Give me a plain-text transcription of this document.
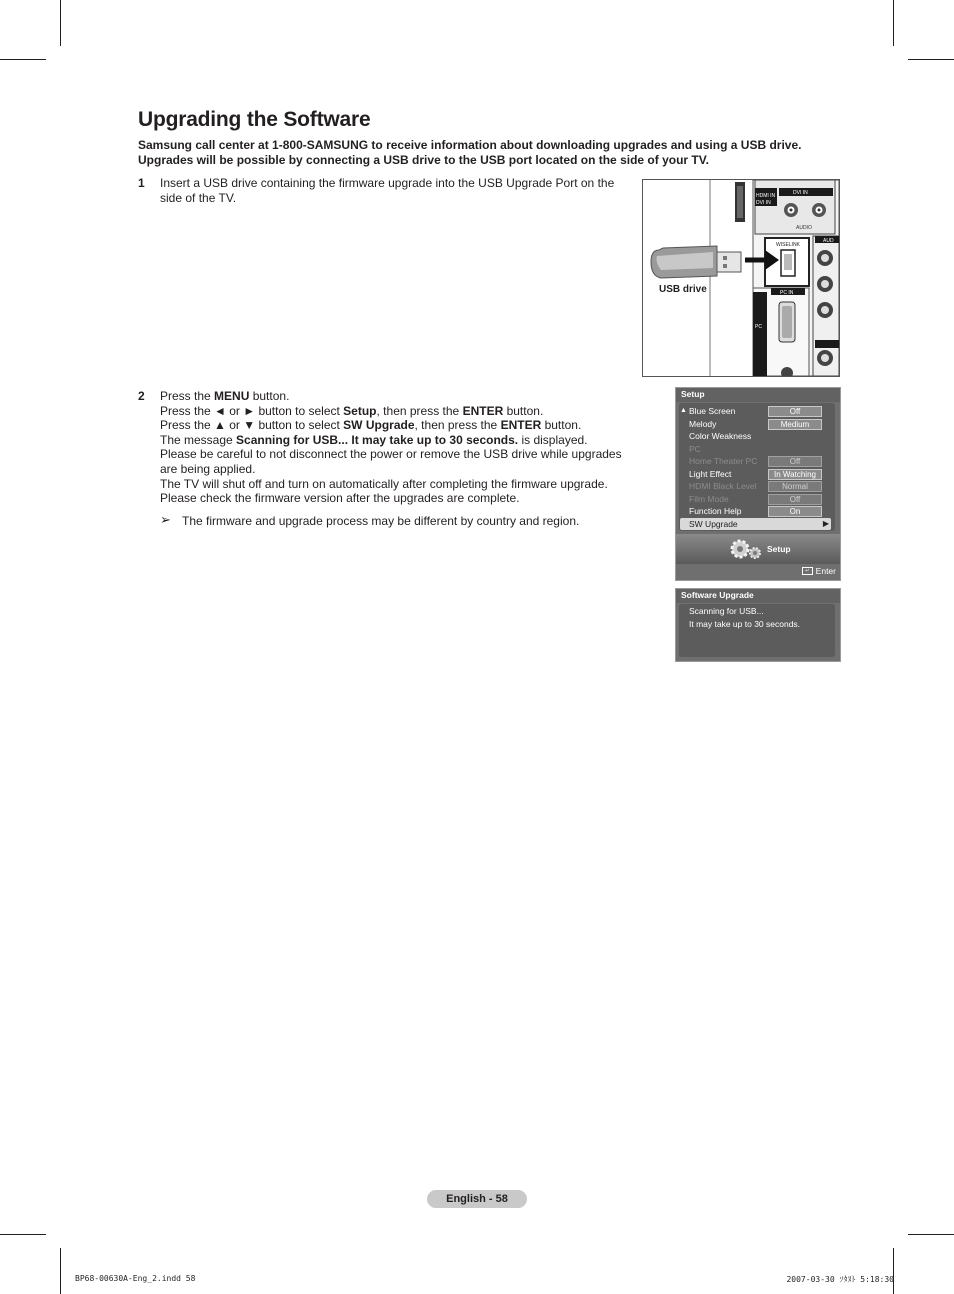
Upgrading the Software

Samsung call center at 1-800-SAMSUNG to receive information about downloading upgrades and using a USB drive.

Upgrades will be possible by connecting a USB drive to the USB port located on the side of your TV.

1 Insert a USB drive containing the firmware upgrade into the USB Upgrade Port on the side of the TV.	HDMI IN
DVI IN
DVI IN
AUDIO
AUD
WISELINK
PC
PC IN
USB drive
2 Press the MENU button.
Press the ◄ or ► button to select Setup, then press the ENTER button.
Press the ▲ or ▼ button to select SW Upgrade, then press the ENTER button.
The message Scanning for USB... It may take up to 30 seconds. is displayed.
Please be careful to not disconnect the power or remove the USB drive while upgrades are being applied.
The TV will shut off and turn on automatically after completing the firmware upgrade.
Please check the firmware version after the upgrades are complete.
➢ The firmware and upgrade process may be different by country and region.
Setup
▲ Blue Screen	Off
Melody	Medium
Color Weakness
PC
Home Theater PC	Off
Light Effect	In Watching
HDMI Black Level	Normal
Film Mode	Off
Function Help	On
SW Upgrade	▶
Setup
↵ Enter
Software Upgrade
Scanning for USB...
It may take up to 30 seconds.
English - 58
BP68-00630A-Eng_2.indd 58	2007-03-30 ｿﾀﾇﾄ 5:18:30
